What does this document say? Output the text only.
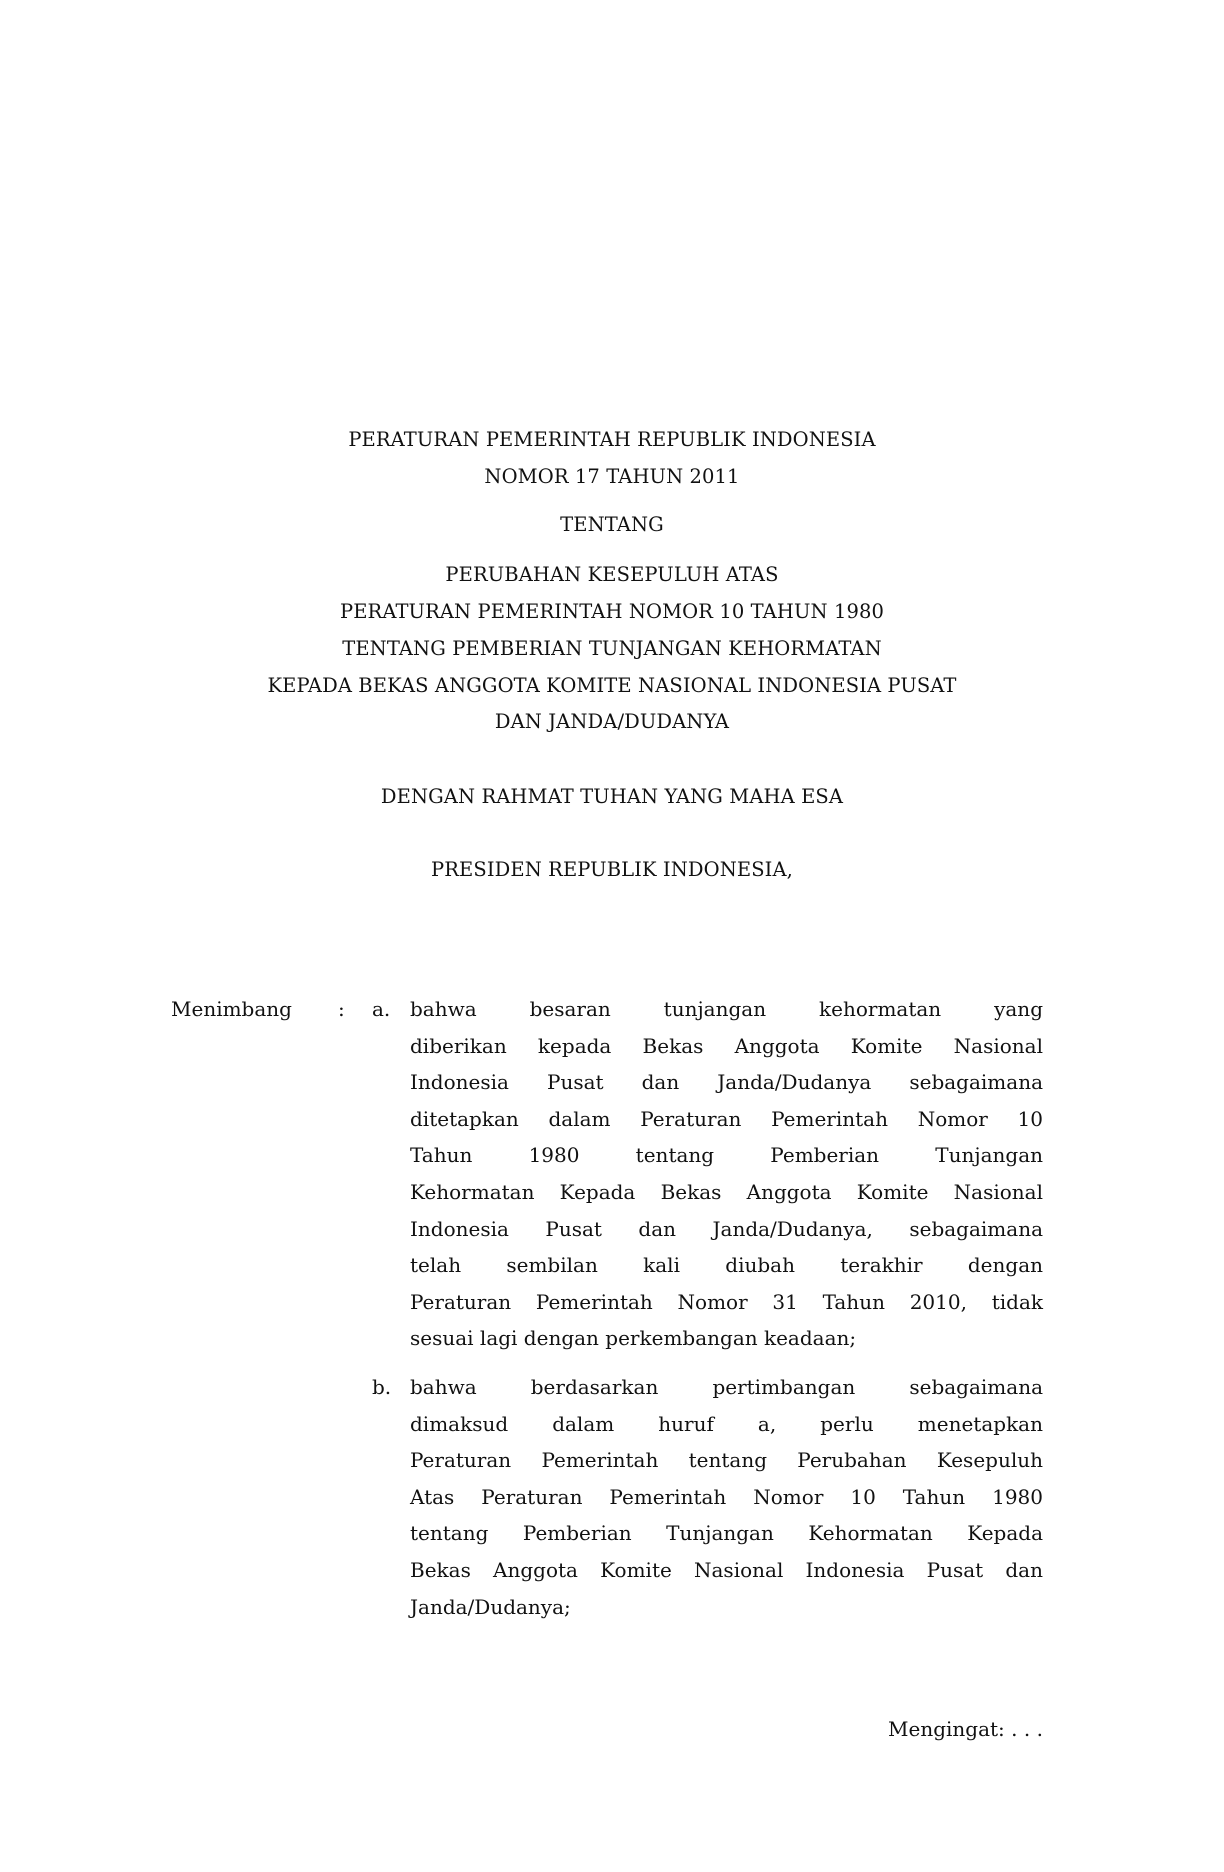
PERATURAN PEMERINTAH REPUBLIK INDONESIA
NOMOR 17 TAHUN 2011
TENTANG
PERUBAHAN KESEPULUH ATAS
PERATURAN PEMERINTAH NOMOR 10 TAHUN 1980
TENTANG PEMBERIAN TUNJANGAN KEHORMATAN
KEPADA BEKAS ANGGOTA KOMITE NASIONAL INDONESIA PUSAT
DAN JANDA/DUDANYA
DENGAN RAHMAT TUHAN YANG MAHA ESA
PRESIDEN REPUBLIK INDONESIA,
Menimbang : a. bahwa besaran tunjangan kehormatan yang
diberikan kepada Bekas Anggota Komite Nasional
Indonesia Pusat dan Janda/Dudanya sebagaimana
ditetapkan dalam Peraturan Pemerintah Nomor 10
Tahun 1980 tentang Pemberian Tunjangan
Kehormatan Kepada Bekas Anggota Komite Nasional
Indonesia Pusat dan Janda/Dudanya, sebagaimana
telah sembilan kali diubah terakhir dengan
Peraturan Pemerintah Nomor 31 Tahun 2010, tidak
sesuai lagi dengan perkembangan keadaan;
b. bahwa berdasarkan pertimbangan sebagaimana
dimaksud dalam huruf a, perlu menetapkan
Peraturan Pemerintah tentang Perubahan Kesepuluh
Atas Peraturan Pemerintah Nomor 10 Tahun 1980
tentang Pemberian Tunjangan Kehormatan Kepada
Bekas Anggota Komite Nasional Indonesia Pusat dan
Janda/Dudanya;
Mengingat: . . .
